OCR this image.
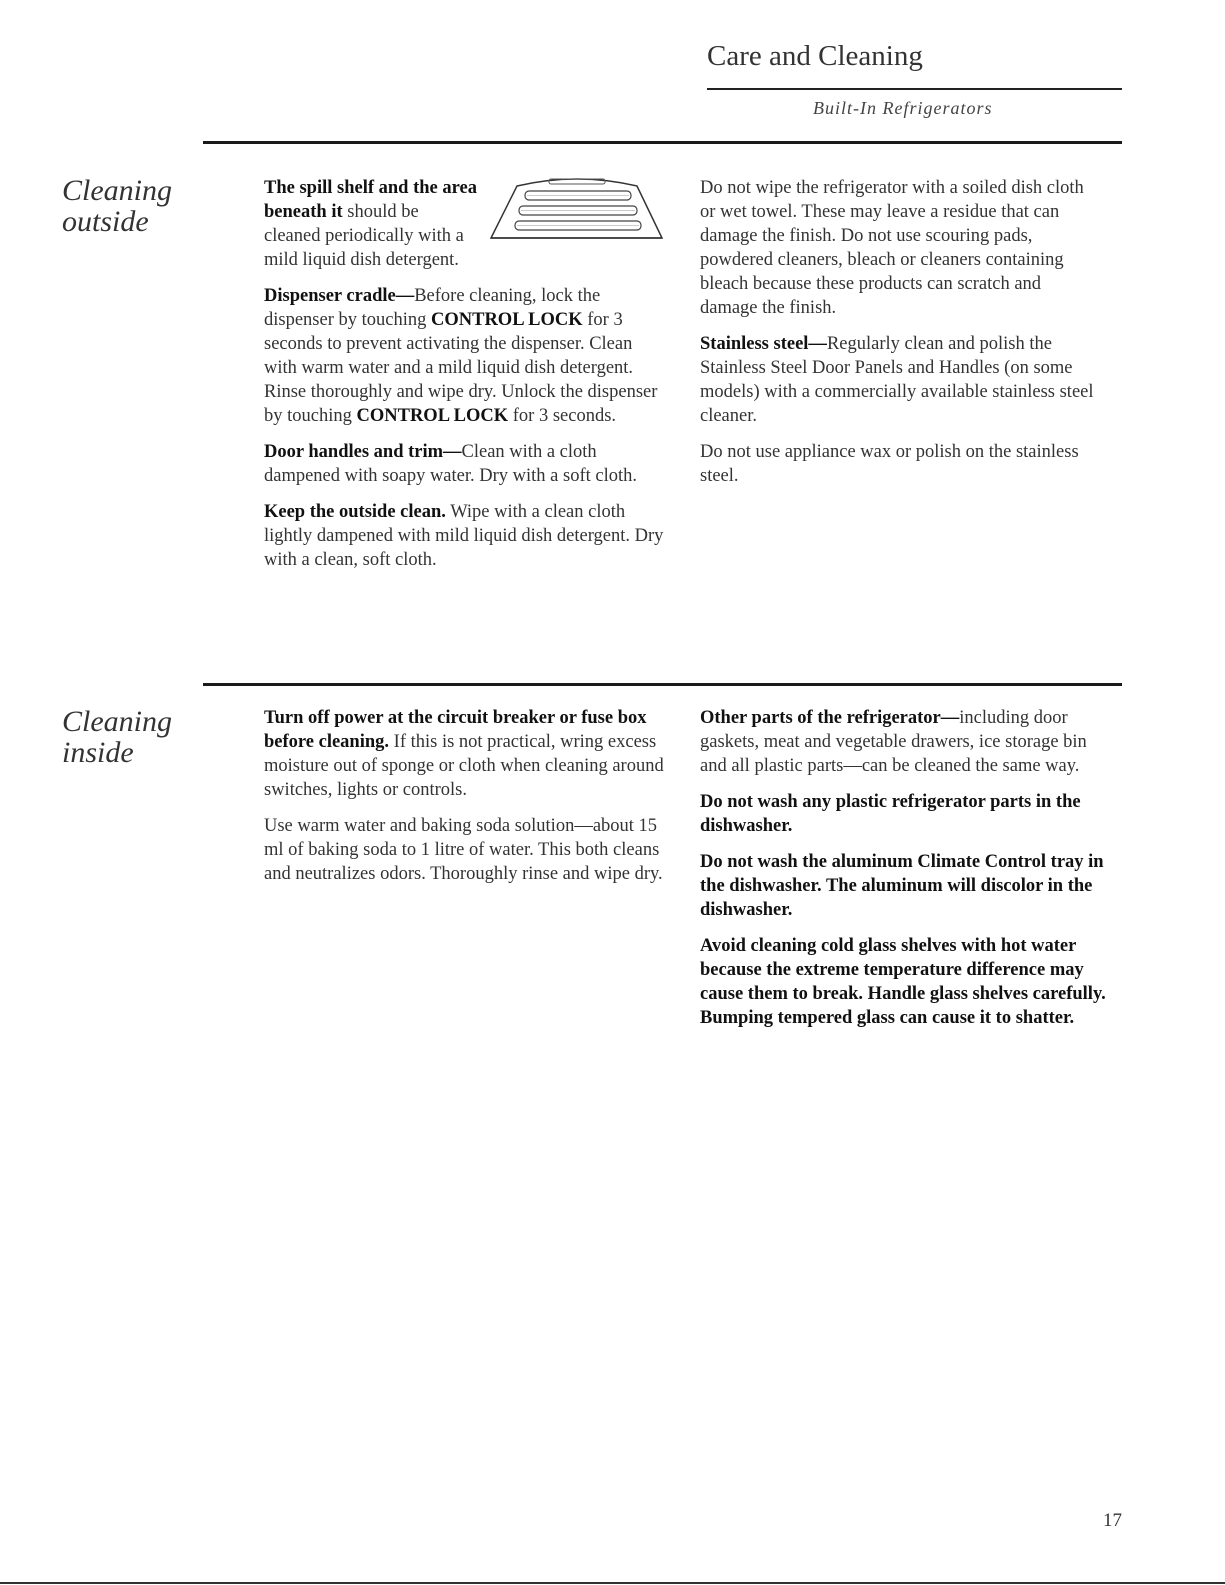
Care and Cleaning
Built-In Refrigerators
Cleaning
outside

The spill shelf and the area beneath it should be cleaned periodically with a mild liquid dish detergent.

Dispenser cradle—Before cleaning, lock the dispenser by touching CONTROL LOCK for 3 seconds to prevent activating the dispenser. Clean with warm water and a mild liquid dish detergent. Rinse thoroughly and wipe dry. Unlock the dispenser by touching CONTROL LOCK for 3 seconds.

Door handles and trim—Clean with a cloth dampened with soapy water. Dry with a soft cloth.

Keep the outside clean. Wipe with a clean cloth lightly dampened with mild liquid dish detergent. Dry with a clean, soft cloth.

Do not wipe the refrigerator with a soiled dish cloth or wet towel. These may leave a residue that can damage the finish. Do not use scouring pads, powdered cleaners, bleach or cleaners containing bleach because these products can scratch and damage the finish.

Stainless steel—Regularly clean and polish the Stainless Steel Door Panels and Handles (on some models) with a commercially available stainless steel cleaner.

Do not use appliance wax or polish on the stainless steel.

Cleaning
inside

Turn off power at the circuit breaker or fuse box before cleaning. If this is not practical, wring excess moisture out of sponge or cloth when cleaning around switches, lights or controls.

Use warm water and baking soda solution—about 15 ml of baking soda to 1 litre of water. This both cleans and neutralizes odors. Thoroughly rinse and wipe dry.

Other parts of the refrigerator—including door gaskets, meat and vegetable drawers, ice storage bin and all plastic parts—can be cleaned the same way.

Do not wash any plastic refrigerator parts in the dishwasher.

Do not wash the aluminum Climate Control tray in the dishwasher. The aluminum will discolor in the dishwasher.

Avoid cleaning cold glass shelves with hot water because the extreme temperature difference may cause them to break. Handle glass shelves carefully. Bumping tempered glass can cause it to shatter.

17
